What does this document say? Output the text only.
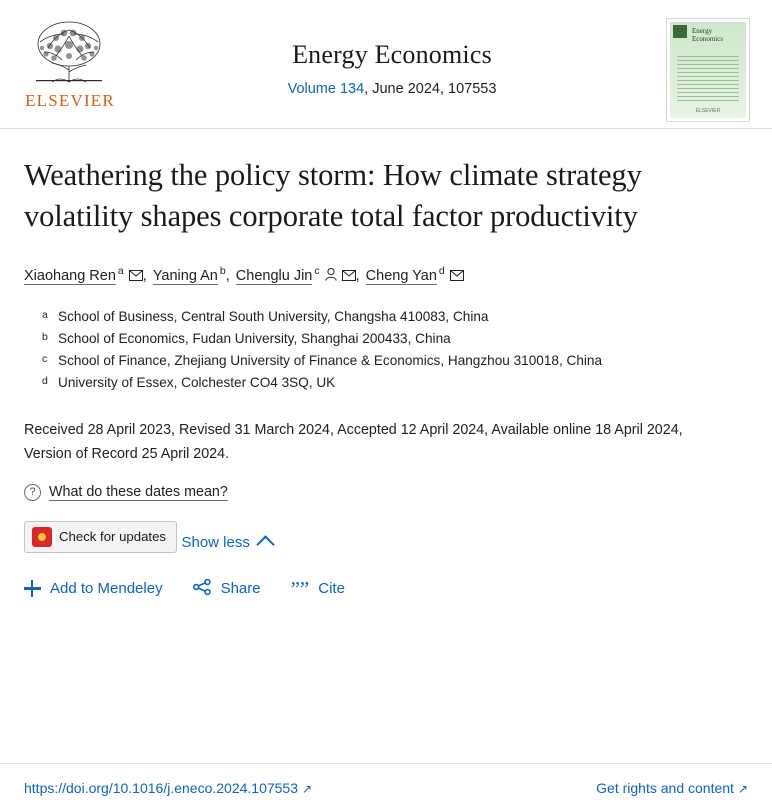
ELSEVIER
Energy Economics
Volume 134, June 2024, 107553
Energy Economics
ELSEVIER
Weathering the policy storm: How climate strategy volatility shapes corporate total factor productivity
Xiaohang Ren $^a$ , Yaning An $^b$, Chenglu Jin $^c$ , Cheng Yan $^d$
a School of Business, Central South University, Changsha 410083, China
b School of Economics, Fudan University, Shanghai 200433, China
c School of Finance, Zhejiang University of Finance & Economics, Hangzhou 310018, China
d University of Essex, Colchester CO4 3SQ, UK
Received 28 April 2023, Revised 31 March 2024, Accepted 12 April 2024, Available online 18 April 2024, Version of Record 25 April 2024.
? What do these dates mean?
Check for updates
Show less
Add to Mendeley	Share ”” Cite
https://doi.org/10.1016/j.eneco.2024.107553 ↗	Get rights and content ↗
